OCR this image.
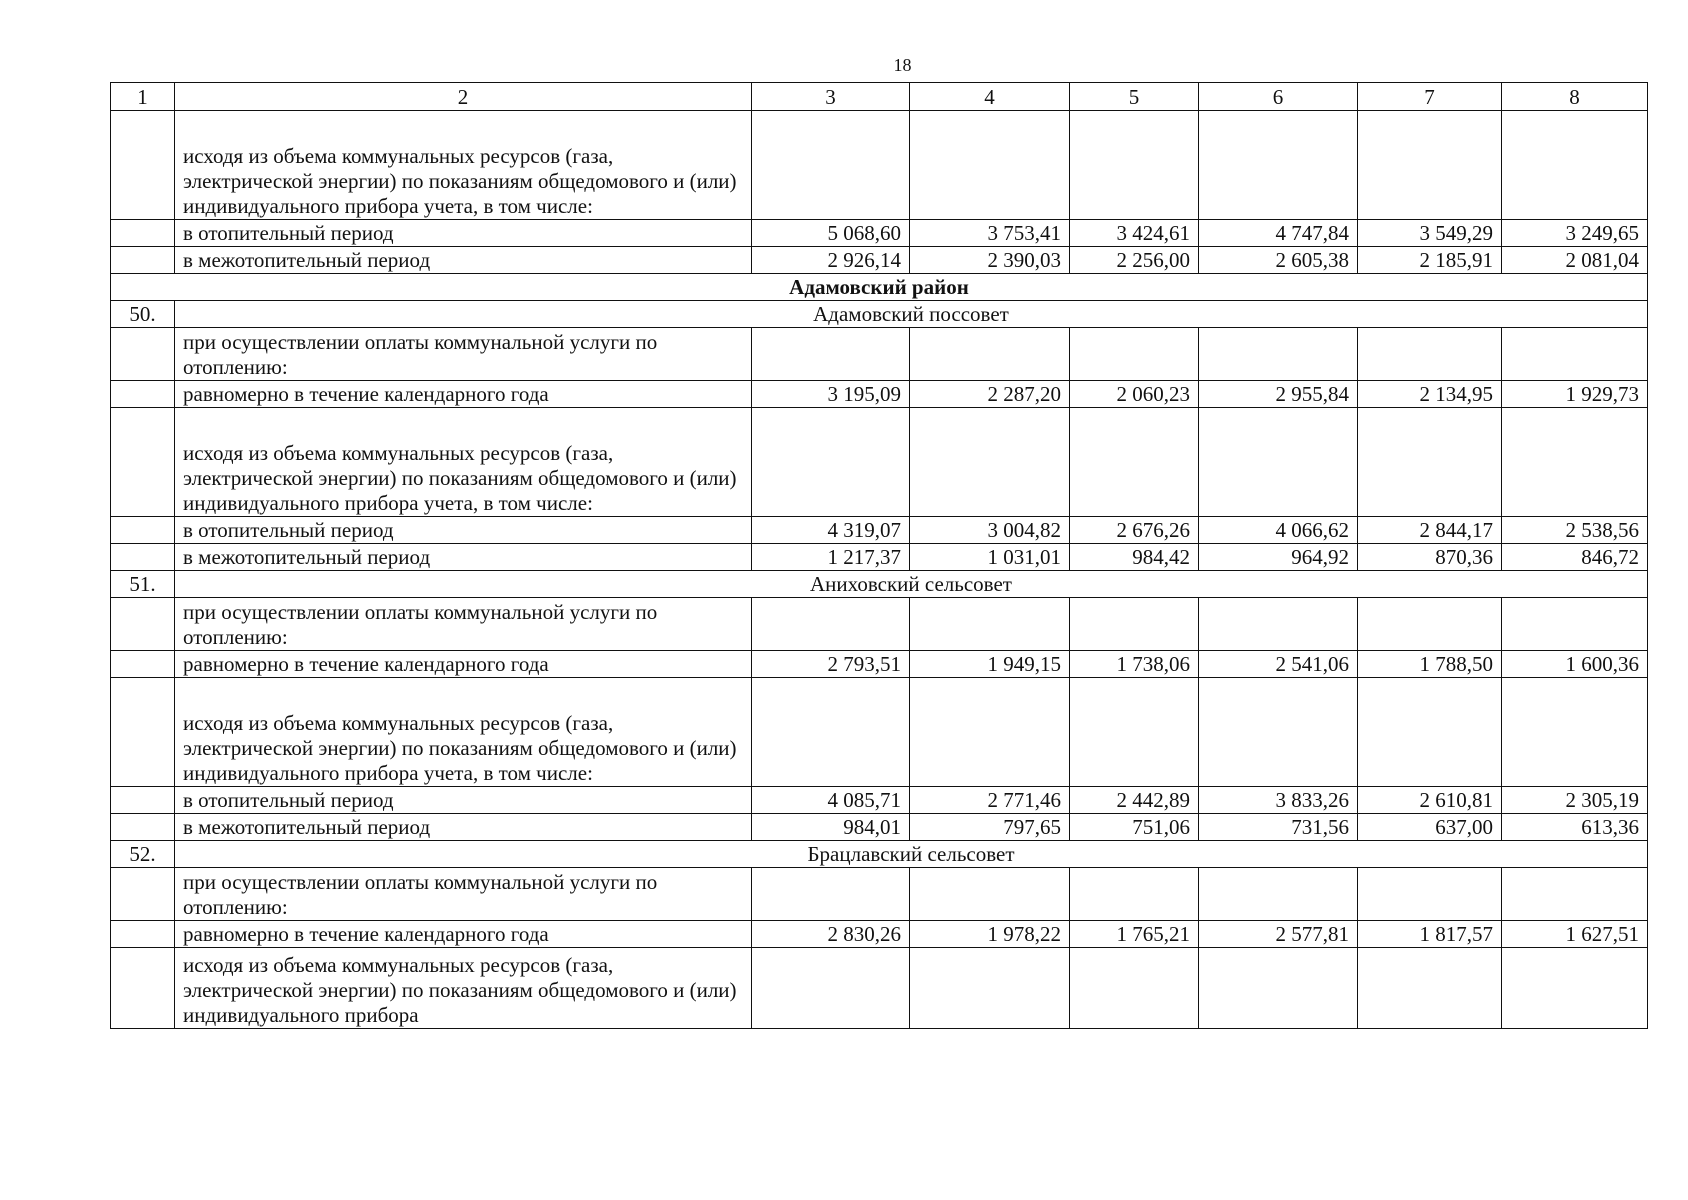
18
1	2	3	4	5	6	7	8
	исходя из объема коммунальных ресурсов (газа, электрической энергии) по показаниям общедомового и (или) индивидуального прибора учета, в том числе:						
	в отопительный период	5 068,60	3 753,41	3 424,61	4 747,84	3 549,29	3 249,65
	в межотопительный период	2 926,14	2 390,03	2 256,00	2 605,38	2 185,91	2 081,04
Адамовский район							
50.	Адамовский поссовет						
	при осуществлении оплаты коммунальной услуги по отоплению:						
	равномерно в течение календарного года	3 195,09	2 287,20	2 060,23	2 955,84	2 134,95	1 929,73
	исходя из объема коммунальных ресурсов (газа, электрической энергии) по показаниям общедомового и (или) индивидуального прибора учета, в том числе:						
	в отопительный период	4 319,07	3 004,82	2 676,26	4 066,62	2 844,17	2 538,56
	в межотопительный период	1 217,37	1 031,01	984,42	964,92	870,36	846,72
51.	Аниховский сельсовет						
	при осуществлении оплаты коммунальной услуги по отоплению:						
	равномерно в течение календарного года	2 793,51	1 949,15	1 738,06	2 541,06	1 788,50	1 600,36
	исходя из объема коммунальных ресурсов (газа, электрической энергии) по показаниям общедомового и (или) индивидуального прибора учета, в том числе:						
	в отопительный период	4 085,71	2 771,46	2 442,89	3 833,26	2 610,81	2 305,19
	в межотопительный период	984,01	797,65	751,06	731,56	637,00	613,36
52.	Брацлавский сельсовет						
	при осуществлении оплаты коммунальной услуги по отоплению:						
	равномерно в течение календарного года	2 830,26	1 978,22	1 765,21	2 577,81	1 817,57	1 627,51
	исходя из объема коммунальных ресурсов (газа, электрической энергии) по показаниям общедомового и (или) индивидуального прибора						
